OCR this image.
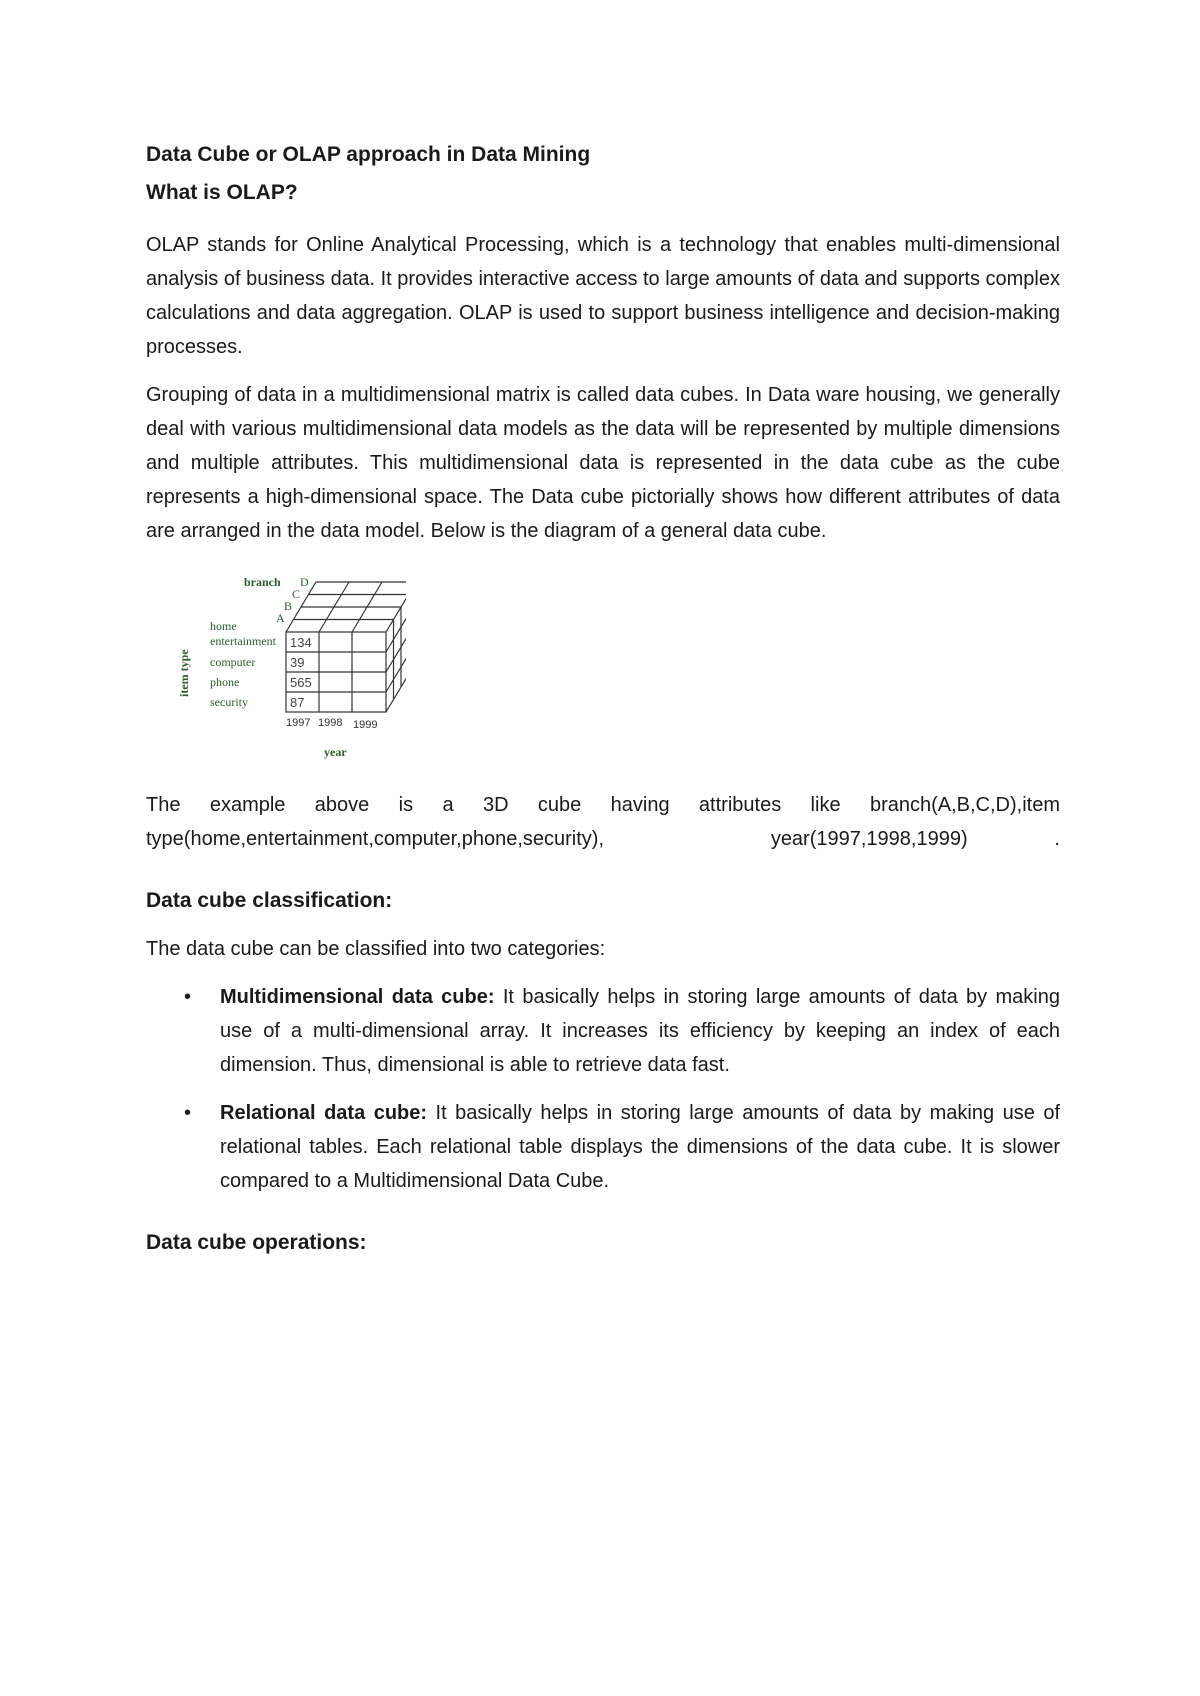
Data Cube or OLAP approach in Data Mining
What is OLAP?

OLAP stands for Online Analytical Processing, which is a technology that enables multi-dimensional analysis of business data. It provides interactive access to large amounts of data and supports complex calculations and data aggregation. OLAP is used to support business intelligence and decision-making processes.

Grouping of data in a multidimensional matrix is called data cubes. In Data ware housing, we generally deal with various multidimensional data models as the data will be represented by multiple dimensions and multiple attributes. This multidimensional data is represented in the data cube as the cube represents a high-dimensional space. The Data cube pictorially shows how different attributes of data are arranged in the data model. Below is the diagram of a general data cube.

branch D
C
B
A
item type
home
entertainment
computer
phone
security
134
39
565
87
1997 1998 1999
year

The example above is a 3D cube having attributes like branch(A,B,C,D),item

type(home,entertainment,computer,phone,security),	year(1997,1998,1999)	.
Data cube classification:

The data cube can be classified into two categories:

• Multidimensional data cube: It basically helps in storing large amounts of data by making use of a multi-dimensional array. It increases its efficiency by keeping an index of each dimension. Thus, dimensional is able to retrieve data fast.
• Relational data cube: It basically helps in storing large amounts of data by making use of relational tables. Each relational table displays the dimensions of the data cube. It is slower compared to a Multidimensional Data Cube.
Data cube operations:
